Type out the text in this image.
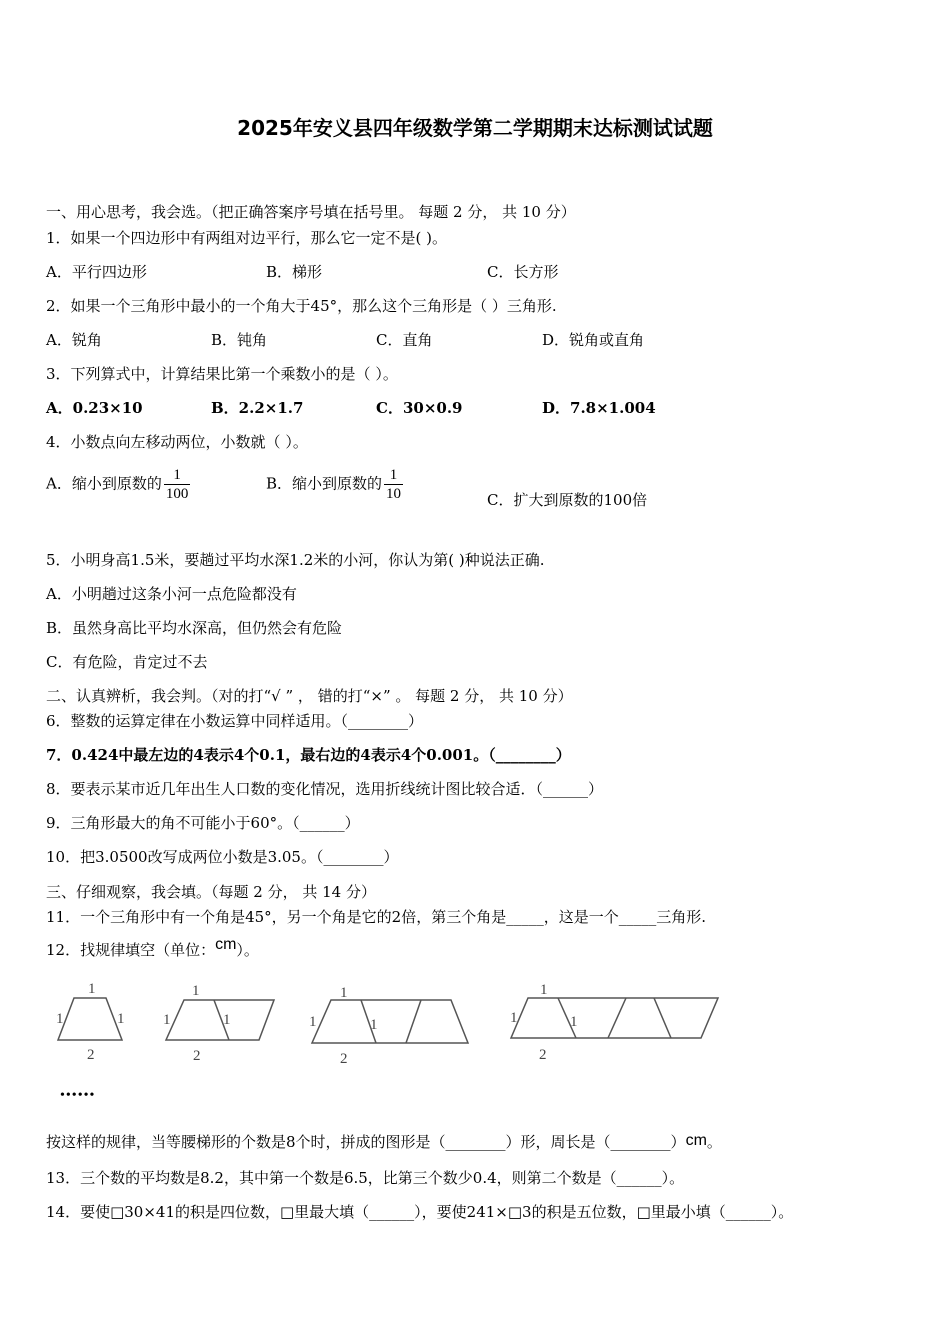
2025年安义县四年级数学第二学期期末达标测试试题
一、用心思考，我会选。（把正确答案序号填在括号里。 每题 2 分， 共 10 分）
1．如果一个四边形中有两组对边平行，那么它一定不是( )。
A．平行四边形	B．梯形	C．长方形
2．如果一个三角形中最小的一个角大于45°，那么这个三角形是（ ）三角形.
A．锐角	B．钝角	C．直角	D．锐角或直角
3．下列算式中，计算结果比第一个乘数小的是（ ）。
A．0.23×10	B．2.2×1.7	C．30×0.9	D．7.8×1.004
4．小数点向左移动两位，小数就（ ）。
A．缩小到原数的 $\frac{1}{100}$	B．缩小到原数的 $\frac{1}{10}$	C．扩大到原数的100倍
5．小明身高1.5米，要趟过平均水深1.2米的小河，你认为第( )种说法正确.
A．小明趟过这条小河一点危险都没有
B．虽然身高比平均水深高，但仍然会有危险
C．有危险，肯定过不去
二、认真辨析，我会判。（对的打“√ ” ， 错的打“×” 。 每题 2 分， 共 10 分）
6．整数的运算定律在小数运算中同样适用。（________）
7．0.424中最左边的4表示4个0.1，最右边的4表示4个0.001。（________）
8．要表示某市近几年出生人口数的变化情况，选用折线统计图比较合适．（______）
9．三角形最大的角不可能小于60°。（______）
10．把3.0500改写成两位小数是3.05。（________）
三、仔细观察，我会填。（每题 2 分， 共 14 分）
11．一个三角形中有一个角是45°，另一个角是它的2倍，第三个角是_____，这是一个_____三角形.
12．找规律填空（单位：cm）。
1
1	1
2
1
1	1
2
1
1	1
2
1
1	1
2
••••••
按这样的规律，当等腰梯形的个数是8个时，拼成的图形是（________）形，周长是（________）cm。
13．三个数的平均数是8.2，其中第一个数是6.5，比第三个数少0.4，则第二个数是（______）。
14．要使□30×41的积是四位数，□里最大填（______），要使241×□3的积是五位数，□里最小填（______）。
